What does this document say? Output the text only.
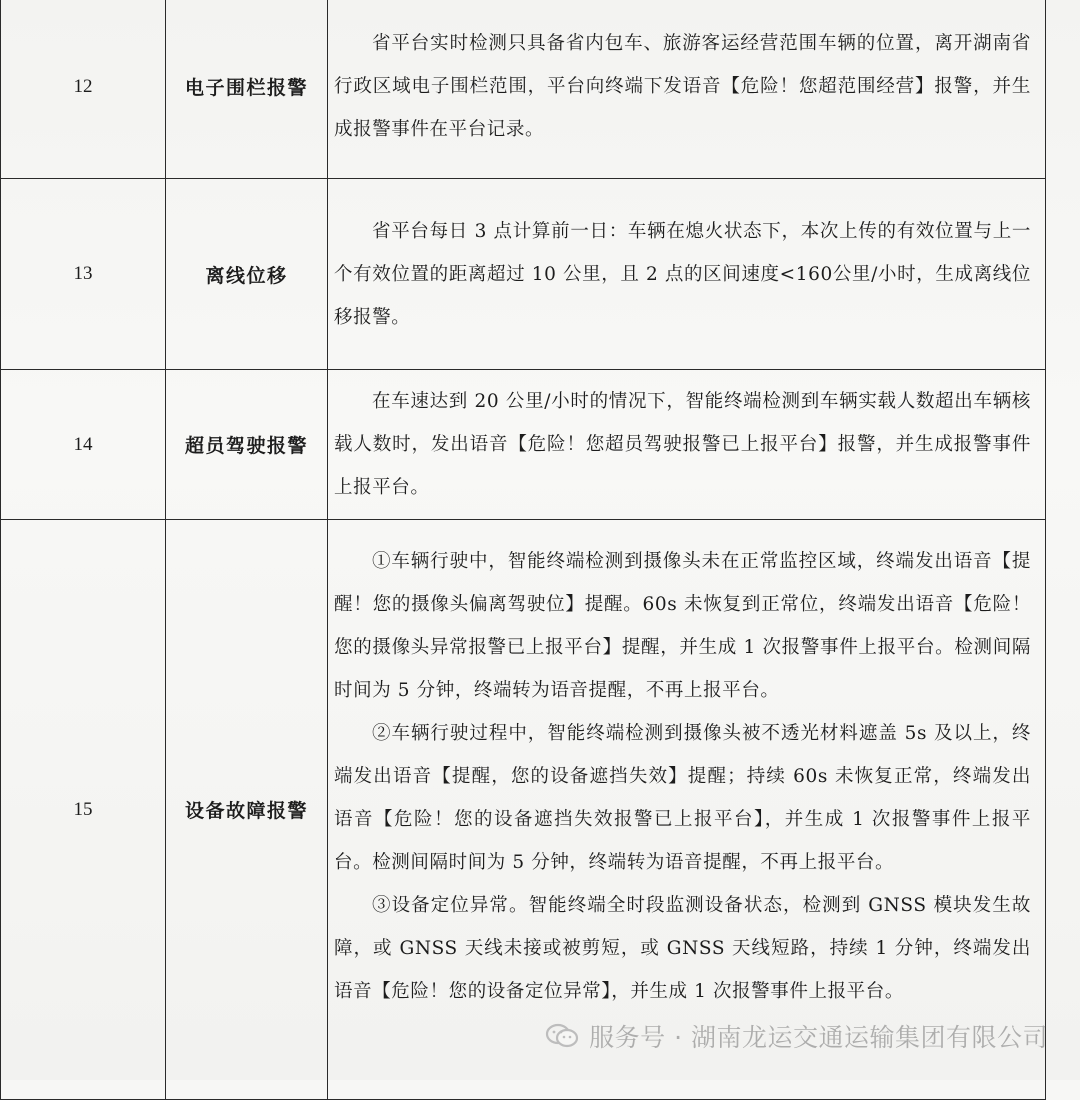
12	电子围栏报警	省平台实时检测只具备省内包车、旅游客运经营范围车辆的位置，离开湖南省行政区域电子围栏范围，平台向终端下发语音【危险！您超范围经营】报警，并生成报警事件在平台记录。

13	离线位移	省平台每日 3 点计算前一日：车辆在熄火状态下，本次上传的有效位置与上一个有效位置的距离超过 10 公里，且 2 点的区间速度<160公里/小时，生成离线位移报警。

14	超员驾驶报警	在车速达到 20 公里/小时的情况下，智能终端检测到车辆实载人数超出车辆核载人数时，发出语音【危险！您超员驾驶报警已上报平台】报警，并生成报警事件上报平台。

15	设备故障报警	①车辆行驶中，智能终端检测到摄像头未在正常监控区域，终端发出语音【提醒！您的摄像头偏离驾驶位】提醒。60s 未恢复到正常位，终端发出语音【危险！您的摄像头异常报警已上报平台】提醒，并生成 1 次报警事件上报平台。检测间隔时间为 5 分钟，终端转为语音提醒，不再上报平台。

②车辆行驶过程中，智能终端检测到摄像头被不透光材料遮盖 5s 及以上，终端发出语音【提醒，您的设备遮挡失效】提醒；持续 60s 未恢复正常，终端发出语音【危险！您的设备遮挡失效报警已上报平台】，并生成 1 次报警事件上报平台。检测间隔时间为 5 分钟，终端转为语音提醒，不再上报平台。

③设备定位异常。智能终端全时段监测设备状态，检测到 GNSS 模块发生故障，或 GNSS 天线未接或被剪短，或 GNSS 天线短路，持续 1 分钟，终端发出语音【危险！您的设备定位异常】，并生成 1 次报警事件上报平台。

服务号 · 湖南龙运交通运输集团有限公司
